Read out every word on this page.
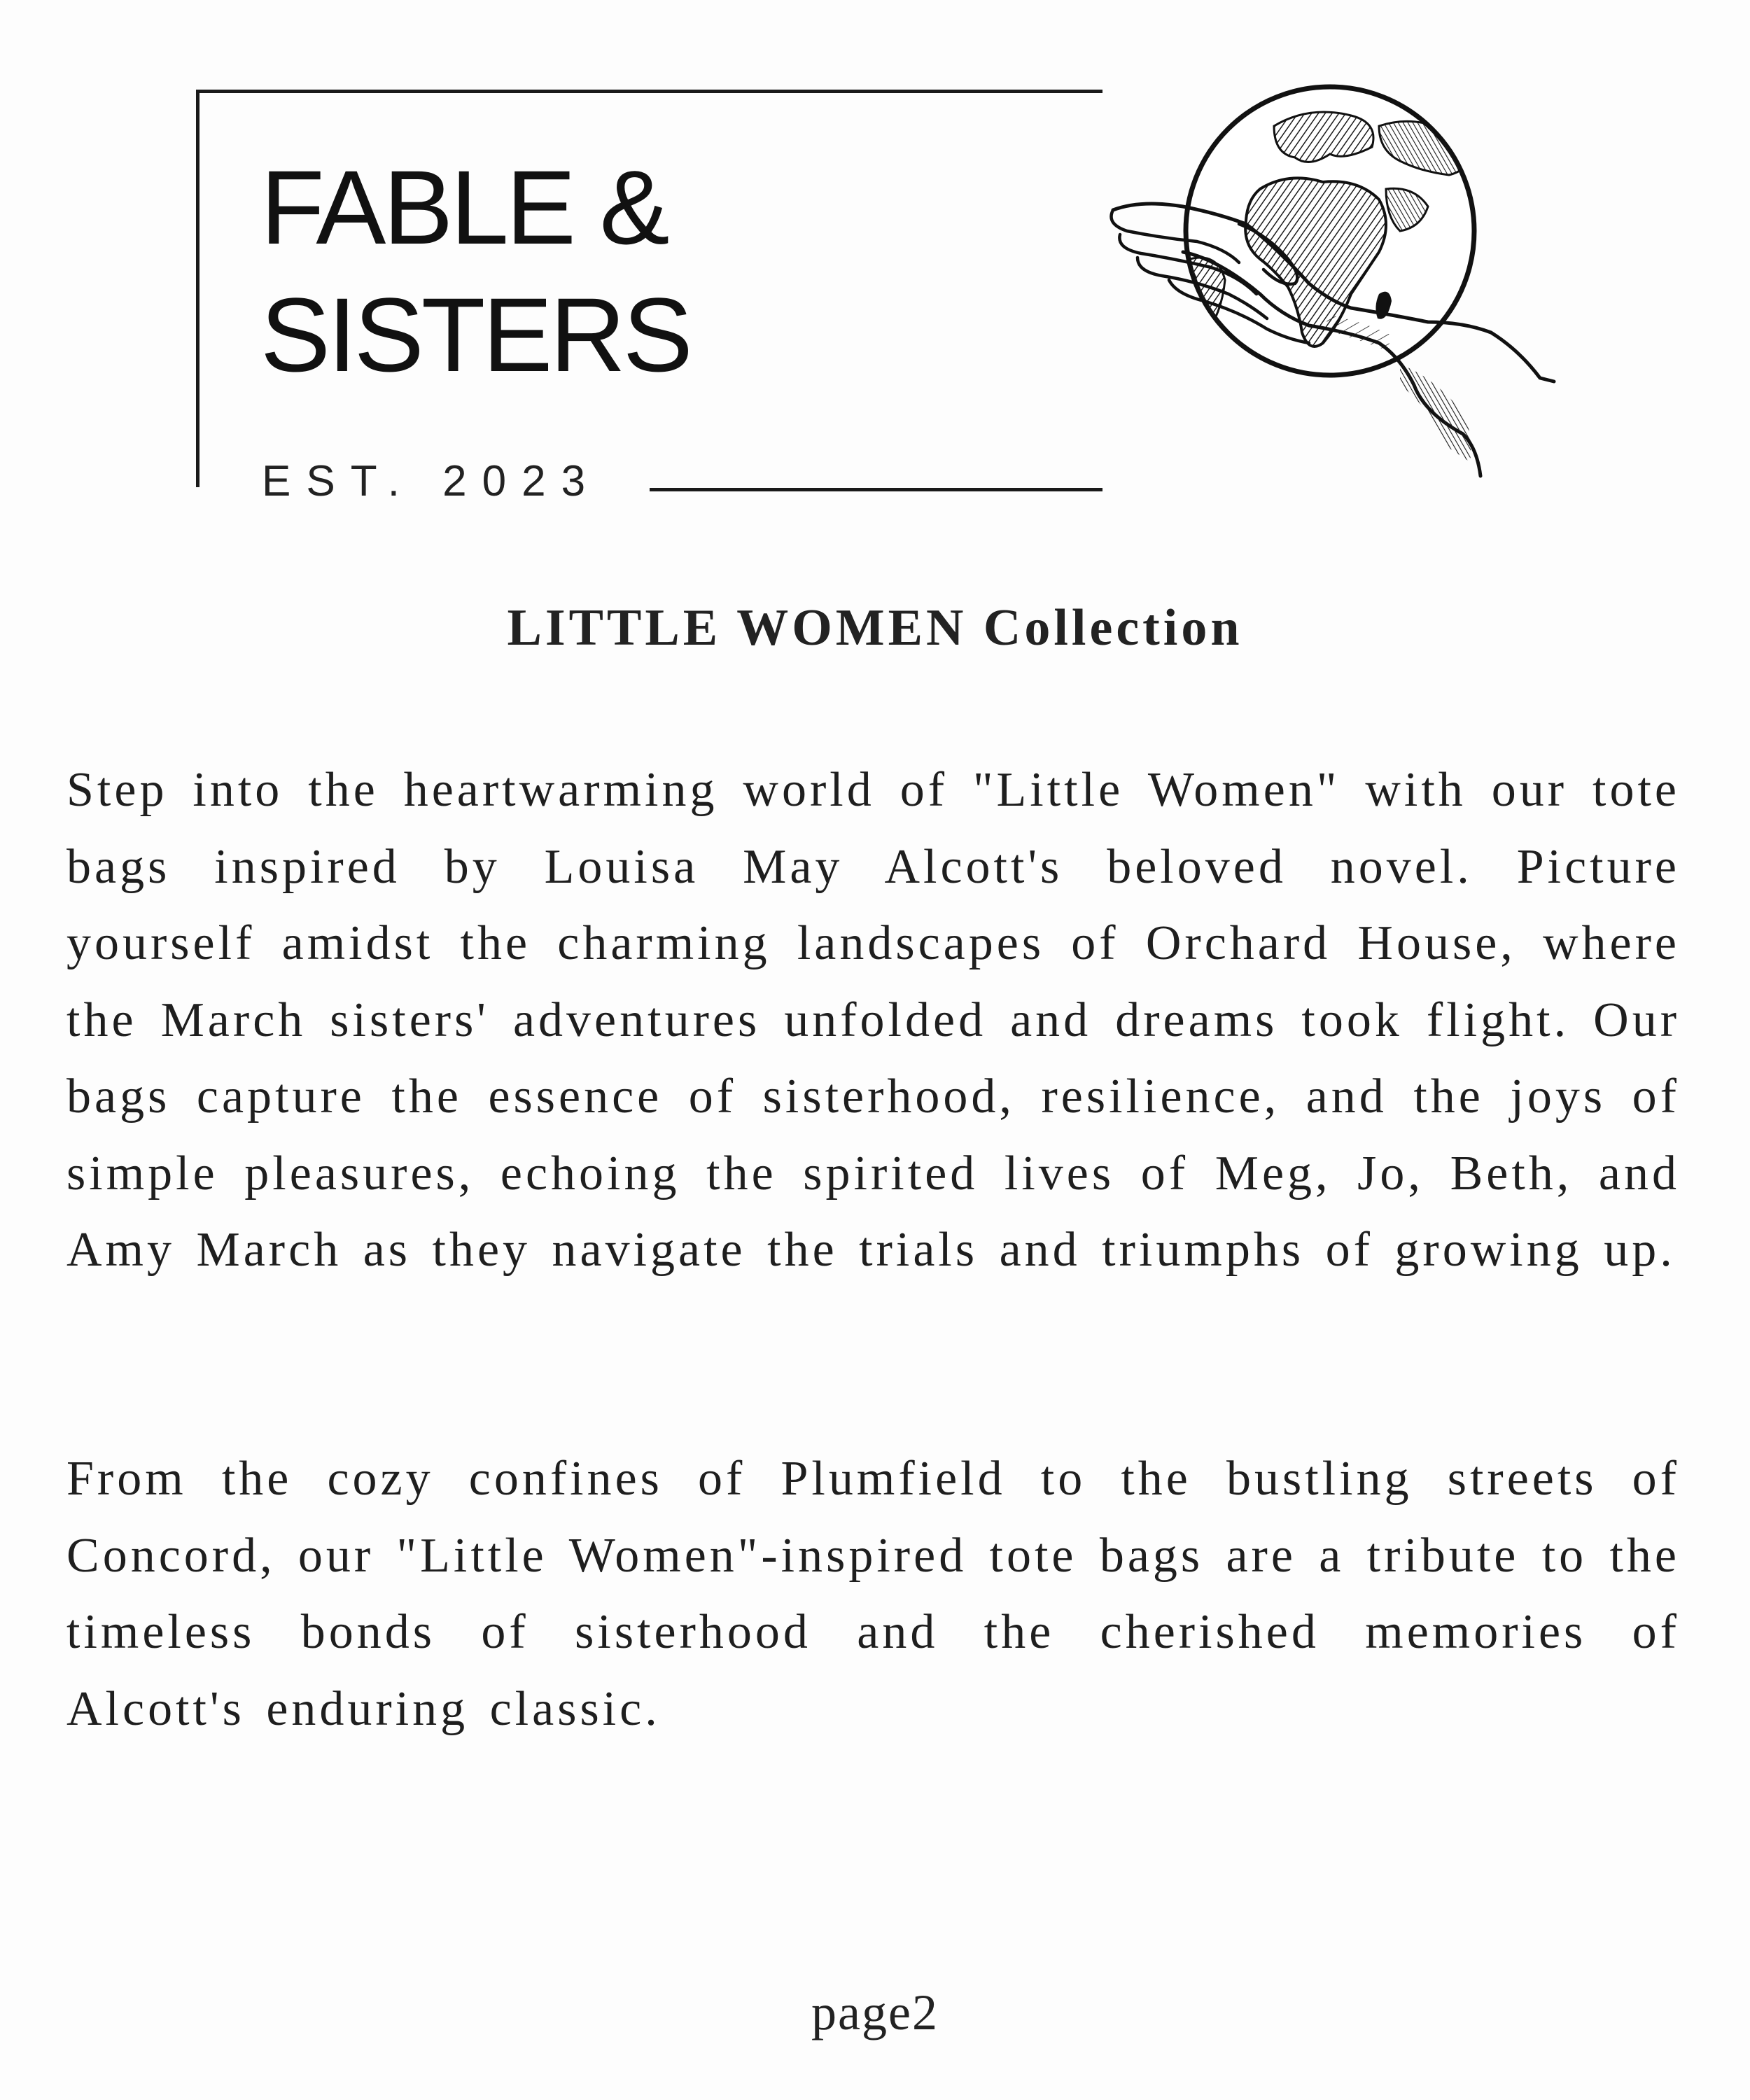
FABLE &
SISTERS
EST. 2023
LITTLE WOMEN Collection

Step into the heartwarming world of "Little Women" with our tote bags inspired by Louisa May Alcott's beloved novel. Picture yourself amidst the charming landscapes of Orchard House, where the March sisters' adventures unfolded and dreams took flight. Our bags capture the essence of sisterhood, resilience, and the joys of simple pleasures, echoing the spirited lives of Meg, Jo, Beth, and Amy March as they navigate the trials and triumphs of growing up.

From the cozy confines of Plumfield to the bustling streets of Concord, our "Little Women"-inspired tote bags are a tribute to the timeless bonds of sisterhood and the cherished memories of Alcott's enduring classic.

page2
